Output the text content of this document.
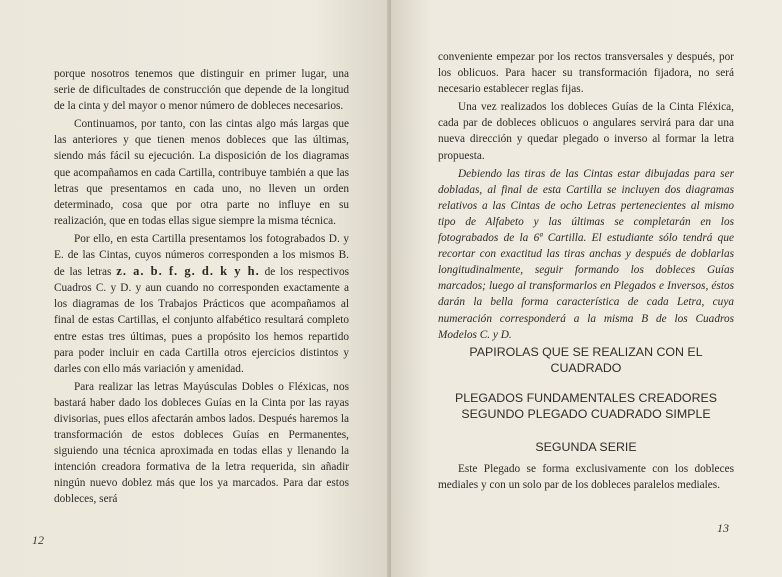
porque nosotros tenemos que distinguir en primer lugar, una serie de dificultades de construcción que depende de la longitud de la cinta y del mayor o menor número de dobleces necesarios.

Continuamos, por tanto, con las cintas algo más largas que las anteriores y que tienen menos dobleces que las últimas, siendo más fácil su ejecución. La disposición de los diagramas que acompañamos en cada Cartilla, contribuye también a que las letras que presentamos en cada uno, no lleven un orden determinado, cosa que por otra parte no influye en su realización, que en todas ellas sigue siempre la misma técnica.

Por ello, en esta Cartilla presentamos los fotograbados D. y E. de las Cintas, cuyos números corresponden a los mismos B. de las letras z. a. b. f. g. d. k y h. de los respectivos Cuadros C. y D. y aun cuando no corresponden exactamente a los diagramas de los Trabajos Prácticos que acompañamos al final de estas Cartillas, el conjunto alfabético resultará completo entre estas tres últimas, pues a propósito los hemos repartido para poder incluir en cada Cartilla otros ejercicios distintos y darles con ello más variación y amenidad.

Para realizar las letras Mayúsculas Dobles o Fléxicas, nos bastará haber dado los dobleces Guías en la Cinta por las rayas divisorias, pues ellos afectarán ambos lados. Después haremos la transformación de estos dobleces Guías en Permanentes, siguiendo una técnica aproximada en todas ellas y llenando la intención creadora formativa de la letra requerida, sin añadir ningún nuevo doblez más que los ya marcados. Para dar estos dobleces, será

12

conveniente empezar por los rectos transversales y después, por los oblicuos. Para hacer su transformación fijadora, no será necesario establecer reglas fijas.

Una vez realizados los dobleces Guías de la Cinta Fléxica, cada par de dobleces oblicuos o angulares servirá para dar una nueva dirección y quedar plegado o inverso al formar la letra propuesta.

Debiendo las tiras de las Cintas estar dibujadas para ser dobladas, al final de esta Cartilla se incluyen dos diagramas relativos a las Cintas de ocho Letras pertenecientes al mismo tipo de Alfabeto y las últimas se completarán en los fotograbados de la 6ª Cartilla. El estudiante sólo tendrá que recortar con exactitud las tiras anchas y después de doblarlas longitudinalmente, seguir formando los dobleces Guías marcados; luego al transformarlos en Plegados e Inversos, éstos darán la bella forma característica de cada Letra, cuya numeración corresponderá a la misma B de los Cuadros Modelos C. y D.

PAPIROLAS QUE SE REALIZAN CON EL CUADRADO
PLEGADOS FUNDAMENTALES CREADORES
SEGUNDO PLEGADO CUADRADO SIMPLE
SEGUNDA SERIE

Este Plegado se forma exclusivamente con los dobleces mediales y con un solo par de los dobleces paralelos mediales.

13
